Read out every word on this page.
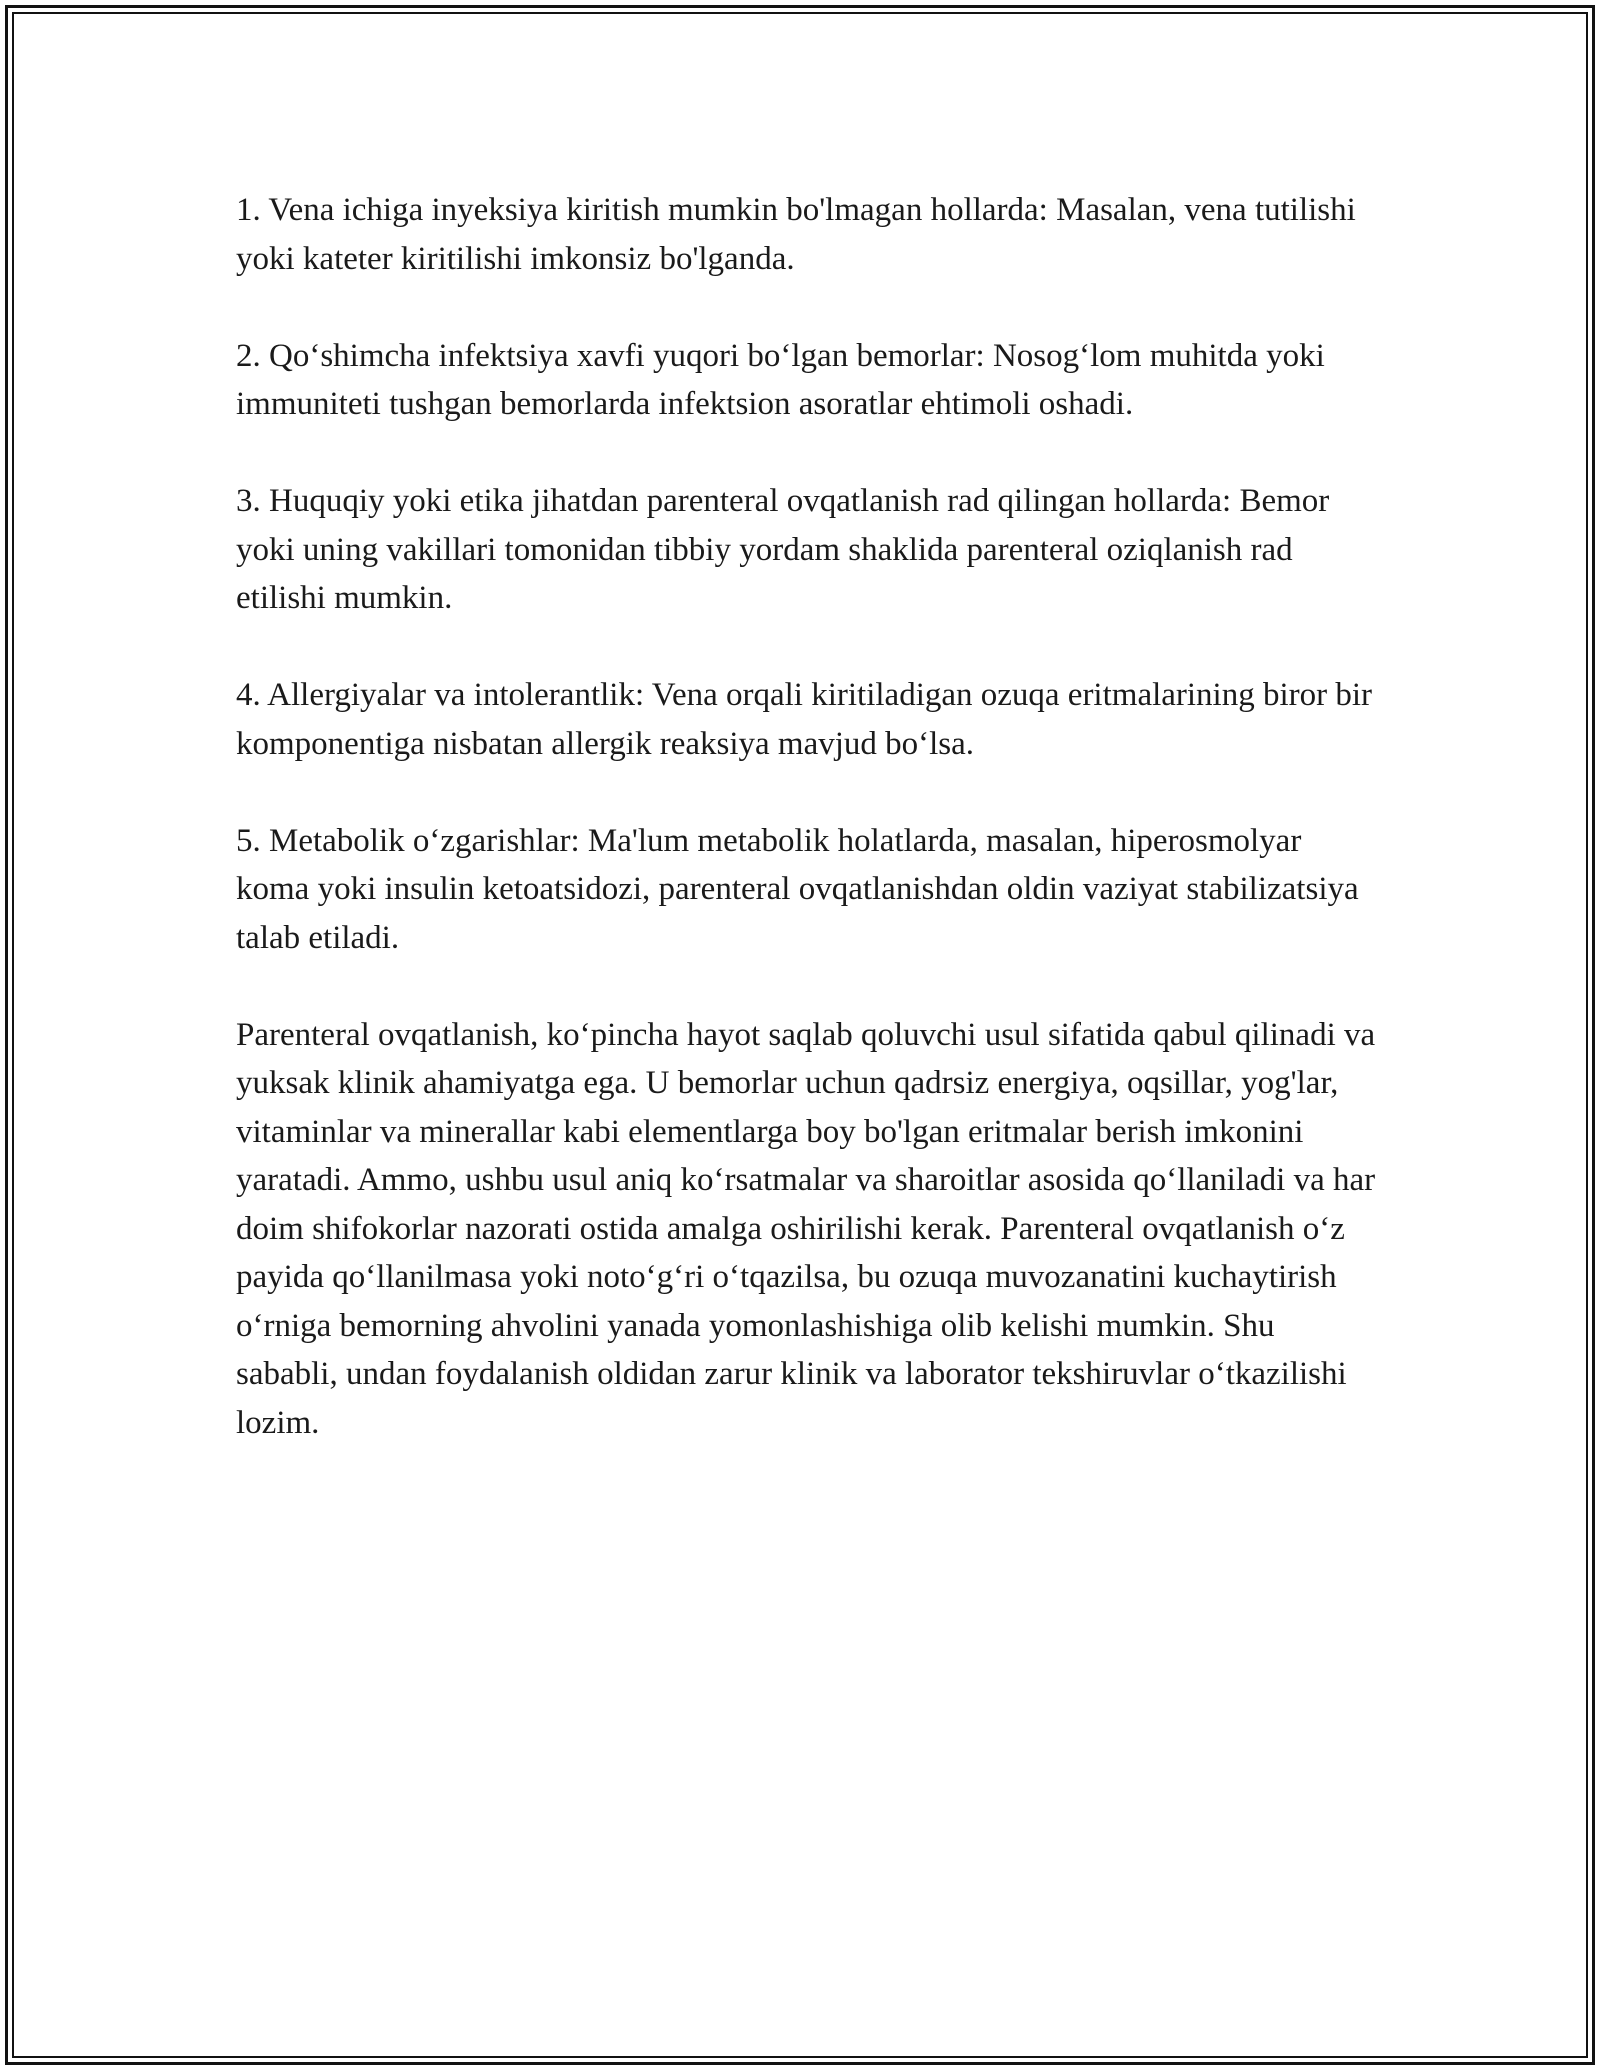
1. Vena ichiga inyeksiya kiritish mumkin bo'lmagan hollarda: Masalan, vena tutilishi yoki kateter kiritilishi imkonsiz bo'lganda.

2. Qo‘shimcha infektsiya xavfi yuqori bo‘lgan bemorlar: Nosog‘lom muhitda yoki immuniteti tushgan bemorlarda infektsion asoratlar ehtimoli oshadi.

3. Huquqiy yoki etika jihatdan parenteral ovqatlanish rad qilingan hollarda: Bemor yoki uning vakillari tomonidan tibbiy yordam shaklida parenteral oziqlanish rad etilishi mumkin.

4. Allergiyalar va intolerantlik: Vena orqali kiritiladigan ozuqa eritmalarining biror bir komponentiga nisbatan allergik reaksiya mavjud bo‘lsa.

5. Metabolik o‘zgarishlar: Ma'lum metabolik holatlarda, masalan, hiperosmolyar koma yoki insulin ketoatsidozi, parenteral ovqatlanishdan oldin vaziyat stabilizatsiya talab etiladi.

Parenteral ovqatlanish, ko‘pincha hayot saqlab qoluvchi usul sifatida qabul qilinadi va yuksak klinik ahamiyatga ega. U bemorlar uchun qadrsiz energiya, oqsillar, yog'lar, vitaminlar va minerallar kabi elementlarga boy bo'lgan eritmalar berish imkonini yaratadi. Ammo, ushbu usul aniq ko‘rsatmalar va sharoitlar asosida qo‘llaniladi va har doim shifokorlar nazorati ostida amalga oshirilishi kerak. Parenteral ovqatlanish o‘z payida qo‘llanilmasa yoki noto‘g‘ri o‘tqazilsa, bu ozuqa muvozanatini kuchaytirish o‘rniga bemorning ahvolini yanada yomonlashishiga olib kelishi mumkin. Shu sababli, undan foydalanish oldidan zarur klinik va laborator tekshiruvlar o‘tkazilishi lozim.
